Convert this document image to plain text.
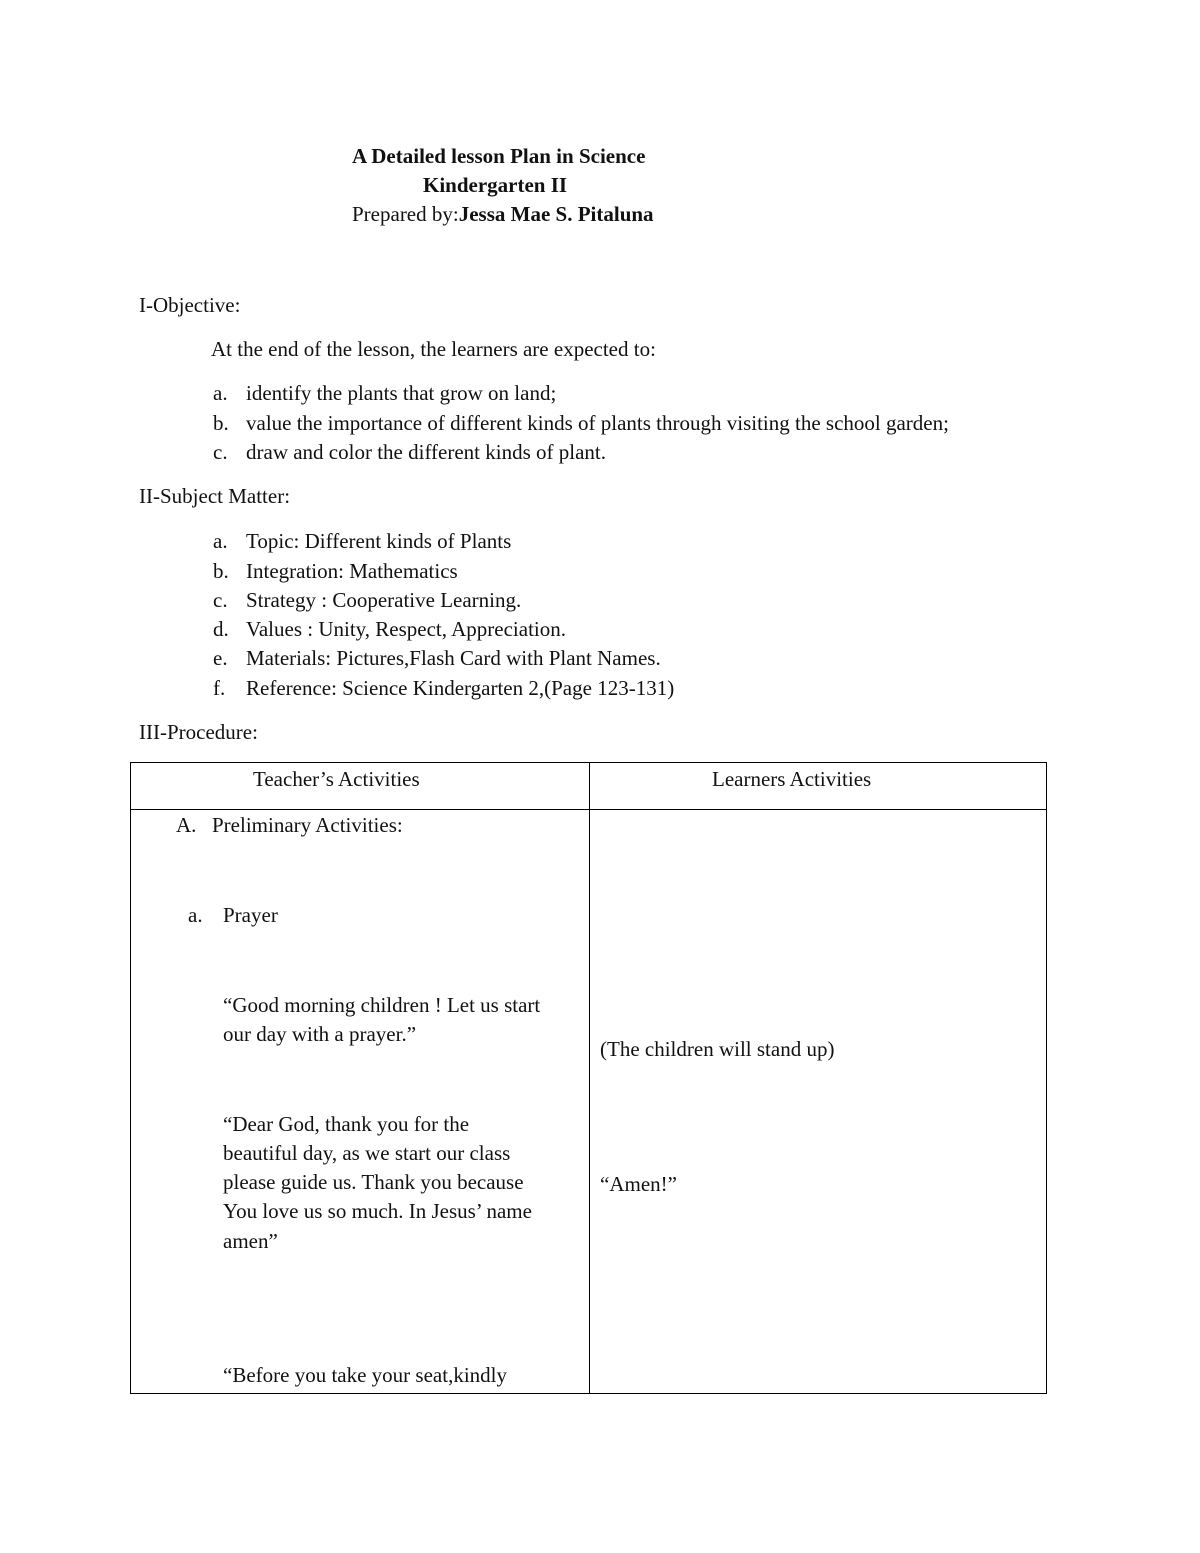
A Detailed lesson Plan in Science
Kindergarten II
Prepared by:Jessa Mae S. Pitaluna
I-Objective:
At the end of the lesson, the learners are expected to:
a. identify the plants that grow on land;
b. value the importance of different kinds of plants through visiting the school garden;
c. draw and color the different kinds of plant.
II-Subject Matter:
a. Topic: Different kinds of Plants
b. Integration: Mathematics
c. Strategy : Cooperative Learning.
d. Values : Unity, Respect, Appreciation.
e. Materials: Pictures,Flash Card with Plant Names.
f. Reference: Science Kindergarten 2,(Page 123-131)
III-Procedure:
Teacher’s Activities	Learners Activities
A. Preliminary Activities:
a. Prayer
“Good morning children ! Let us start
our day with a prayer.”
“Dear God, thank you for the
beautiful day, as we start our class
please guide us. Thank you because
You love us so much. In Jesus’ name
amen”
“Before you take your seat,kindly
(The children will stand up)
“Amen!”
